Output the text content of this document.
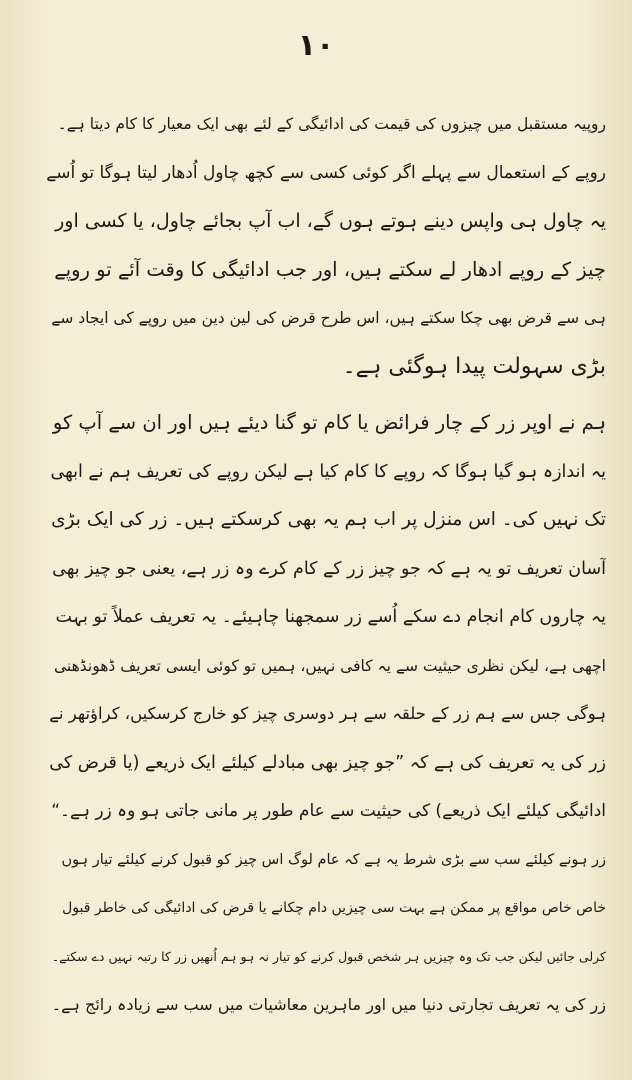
۱۰
روپیہ مستقبل میں چیزوں کی قیمت کی ادائیگی کے لئے بھی ایک معیار کا کام دیتا ہے۔
روپے کے استعمال سے پہلے اگر کوئی کسی سے کچھ چاول اُدھار لیتا ہوگا تو اُسے
یہ چاول ہی واپس دینے ہوتے ہوں گے، اب آپ بجائے چاول، یا کسی اور
چیز کے روپے ادھار لے سکتے ہیں، اور جب ادائیگی کا وقت آئے تو روپے
ہی سے قرض بھی چکا سکتے ہیں، اس طرح قرض کی لین دین میں روپے کی ایجاد سے
بڑی سہولت پیدا ہوگئی ہے۔
ہم نے اوپر زر کے چار فرائض یا کام تو گنا دیئے ہیں اور ان سے آپ کو
یہ اندازہ ہو گیا ہوگا کہ روپے کا کام کیا ہے لیکن روپے کی تعریف ہم نے ابھی
تک نہیں کی۔ اس منزل پر اب ہم یہ بھی کرسکتے ہیں۔ زر کی ایک بڑی
آسان تعریف تو یہ ہے کہ جو چیز زر کے کام کرے وہ زر ہے، یعنی جو چیز بھی
یہ چاروں کام انجام دے سکے اُسے زر سمجھنا چاہیئے۔ یہ تعریف عملاً تو بہت
اچھی ہے، لیکن نظری حیثیت سے یہ کافی نہیں، ہمیں تو کوئی ایسی تعریف ڈھونڈھنی
ہوگی جس سے ہم زر کے حلقہ سے ہر دوسری چیز کو خارج کرسکیں، کراؤتھر نے
زر کی یہ تعریف کی ہے کہ ”جو چیز بھی مبادلے کیلئے ایک ذریعے (یا قرض کی
ادائیگی کیلئے ایک ذریعے) کی حیثیت سے عام طور پر مانی جاتی ہو وہ زر ہے۔“
زر ہونے کیلئے سب سے بڑی شرط یہ ہے کہ عام لوگ اس چیز کو قبول کرنے کیلئے تیار ہوں
خاص خاص مواقع پر ممکن ہے بہت سی چیزیں دام چکانے یا قرض کی ادائیگی کی خاطر قبول
کرلی جائیں لیکن جب تک وہ چیزیں ہر شخص قبول کرنے کو تیار نہ ہو ہم اُنھیں زر کا رتبہ نہیں دے سکتے۔
زر کی یہ تعریف تجارتی دنیا میں اور ماہرین معاشیات میں سب سے زیادہ رائج ہے۔
